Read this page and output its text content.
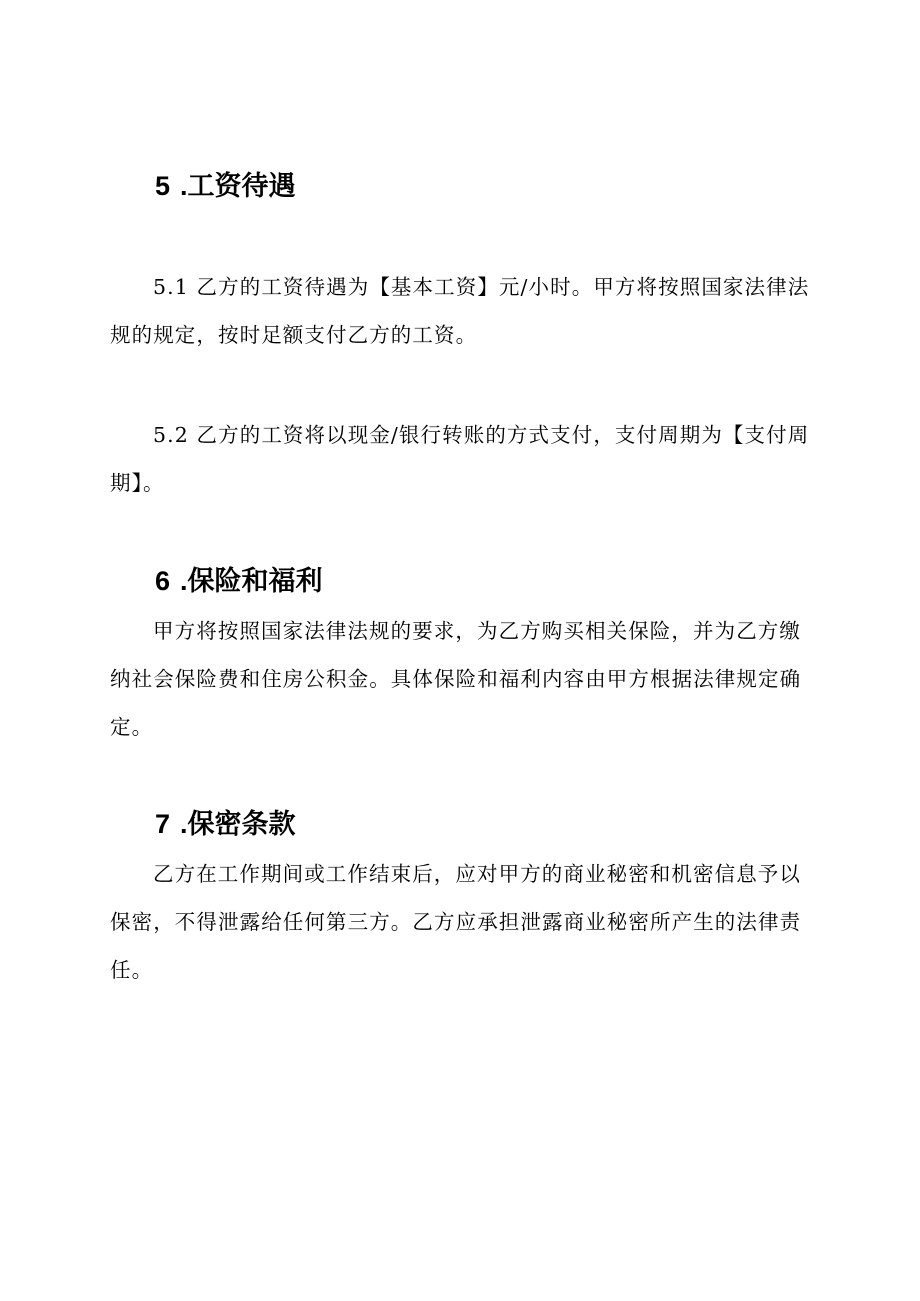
5 .工资待遇
5.1 乙方的工资待遇为【基本工资】元/小时。甲方将按照国家法律法
规的规定，按时足额支付乙方的工资。
5.2 乙方的工资将以现金/银行转账的方式支付，支付周期为【支付周
期】。
6 .保险和福利
甲方将按照国家法律法规的要求，为乙方购买相关保险，并为乙方缴
纳社会保险费和住房公积金。具体保险和福利内容由甲方根据法律规定确
定。
7 .保密条款
乙方在工作期间或工作结束后，应对甲方的商业秘密和机密信息予以
保密，不得泄露给任何第三方。乙方应承担泄露商业秘密所产生的法律责
任。
